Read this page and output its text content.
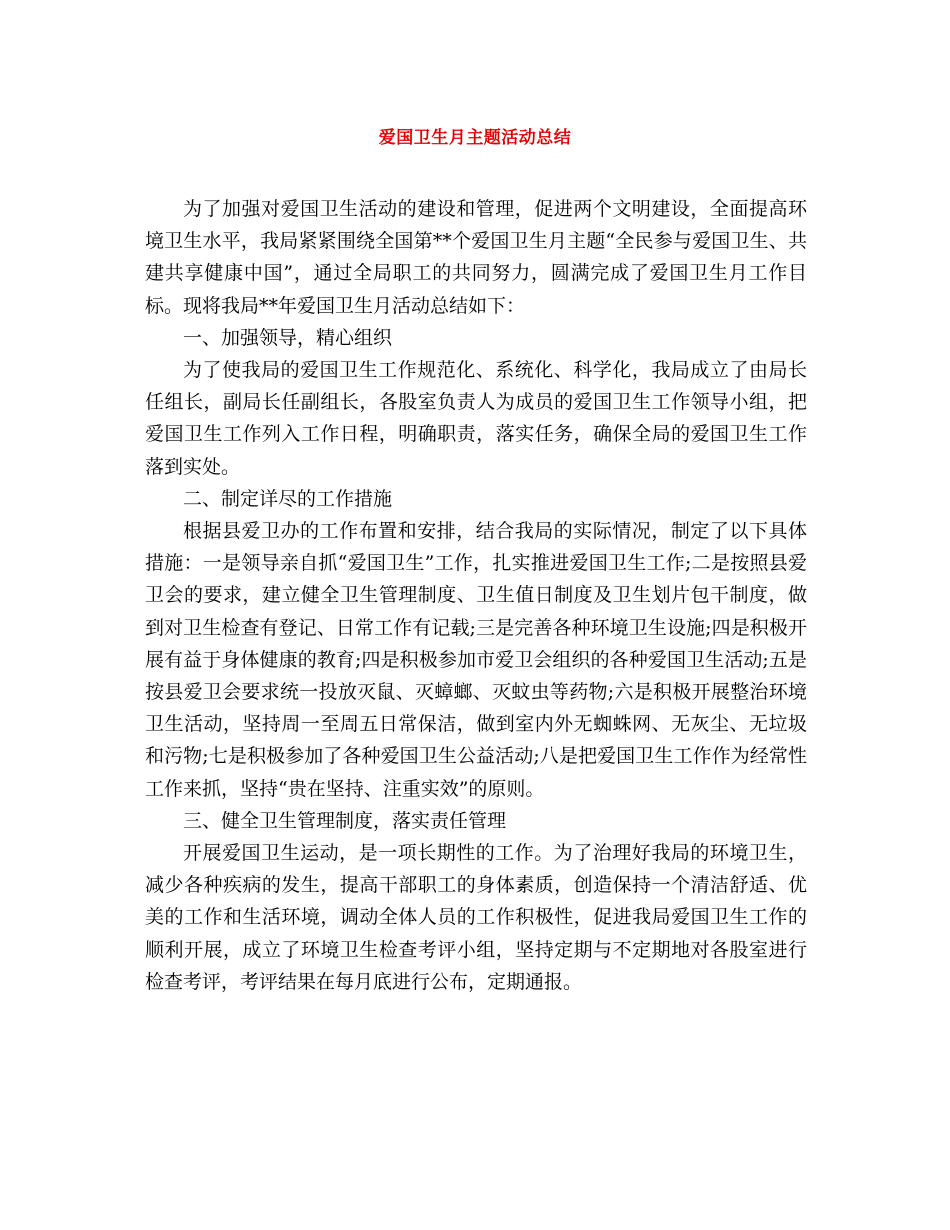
爱国卫生月主题活动总结

为了加强对爱国卫生活动的建设和管理，促进两个文明建设，全面提高环境卫生水平，我局紧紧围绕全国第**个爱国卫生月主题“全民参与爱国卫生、共建共享健康中国”，通过全局职工的共同努力，圆满完成了爱国卫生月工作目标。现将我局**年爱国卫生月活动总结如下：

一、加强领导，精心组织

为了使我局的爱国卫生工作规范化、系统化、科学化，我局成立了由局长任组长，副局长任副组长，各股室负责人为成员的爱国卫生工作领导小组，把爱国卫生工作列入工作日程，明确职责，落实任务，确保全局的爱国卫生工作落到实处。

二、制定详尽的工作措施

根据县爱卫办的工作布置和安排，结合我局的实际情况，制定了以下具体措施：一是领导亲自抓“爱国卫生”工作，扎实推进爱国卫生工作;二是按照县爱卫会的要求，建立健全卫生管理制度、卫生值日制度及卫生划片包干制度，做到对卫生检查有登记、日常工作有记载;三是完善各种环境卫生设施;四是积极开展有益于身体健康的教育;四是积极参加市爱卫会组织的各种爱国卫生活动;五是按县爱卫会要求统一投放灭鼠、灭蟑螂、灭蚊虫等药物;六是积极开展整治环境卫生活动，坚持周一至周五日常保洁，做到室内外无蜘蛛网、无灰尘、无垃圾和污物;七是积极参加了各种爱国卫生公益活动;八是把爱国卫生工作作为经常性工作来抓，坚持“贵在坚持、注重实效”的原则。

三、健全卫生管理制度，落实责任管理

开展爱国卫生运动，是一项长期性的工作。为了治理好我局的环境卫生，减少各种疾病的发生，提高干部职工的身体素质，创造保持一个清洁舒适、优美的工作和生活环境，调动全体人员的工作积极性，促进我局爱国卫生工作的顺利开展，成立了环境卫生检查考评小组，坚持定期与不定期地对各股室进行检查考评，考评结果在每月底进行公布，定期通报。
